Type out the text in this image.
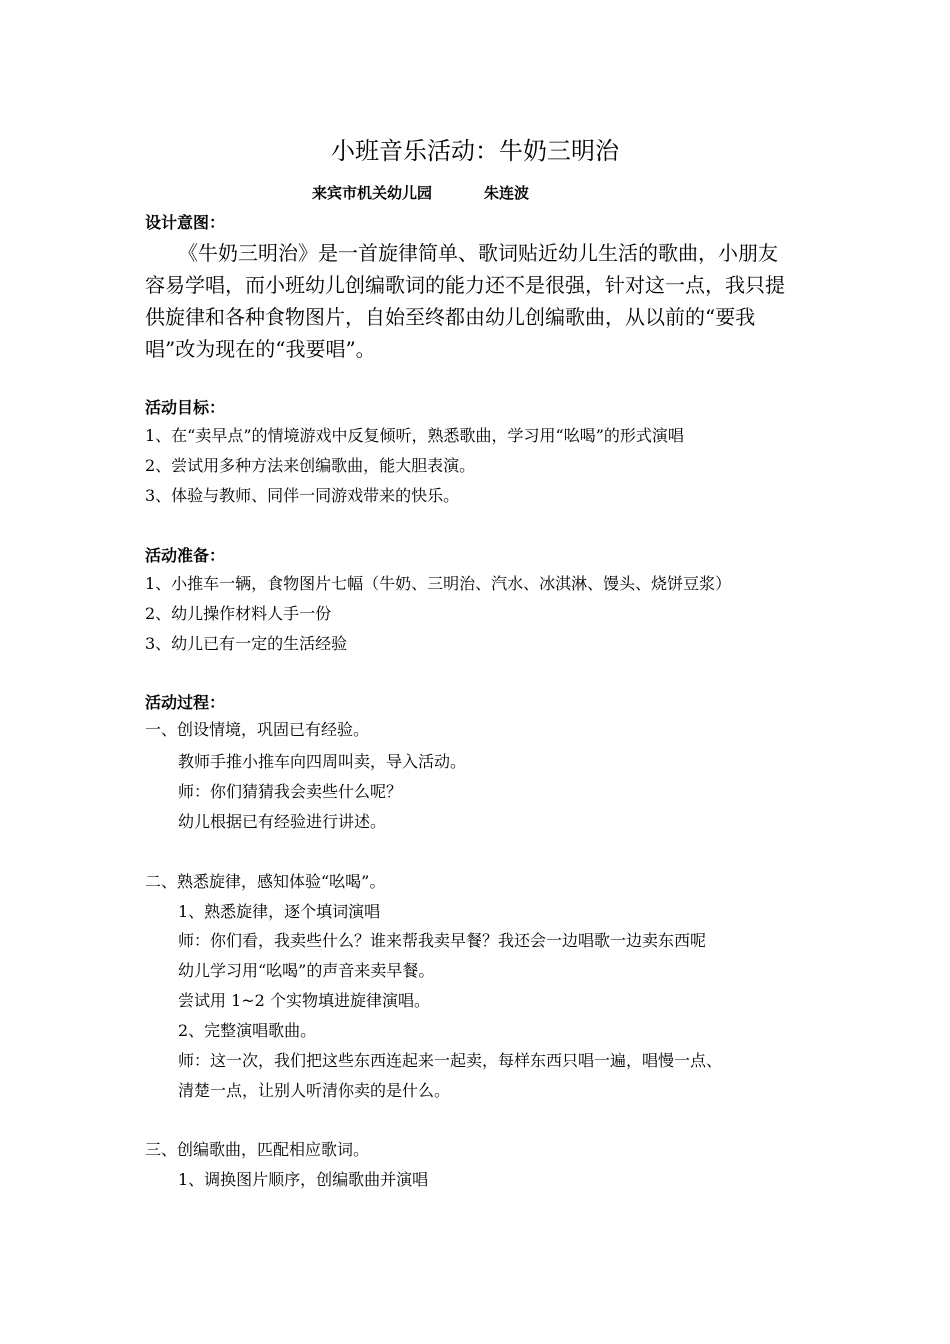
小班音乐活动：牛奶三明治
来宾市机关幼儿园	朱连波
设计意图：
《牛奶三明治》是一首旋律简单、歌词贴近幼儿生活的歌曲，小朋友
容易学唱，而小班幼儿创编歌词的能力还不是很强，针对这一点，我只提
供旋律和各种食物图片，自始至终都由幼儿创编歌曲，从以前的“要我
唱”改为现在的“我要唱”。
活动目标：
1、在“卖早点”的情境游戏中反复倾听，熟悉歌曲，学习用“吆喝”的形式演唱
2、尝试用多种方法来创编歌曲，能大胆表演。
3、体验与教师、同伴一同游戏带来的快乐。
活动准备：
1、小推车一辆，食物图片七幅（牛奶、三明治、汽水、冰淇淋、馒头、烧饼豆浆）
2、幼儿操作材料人手一份
3、幼儿已有一定的生活经验
活动过程：
一、创设情境，巩固已有经验。
教师手推小推车向四周叫卖，导入活动。
师：你们猜猜我会卖些什么呢？
幼儿根据已有经验进行讲述。
二、熟悉旋律，感知体验“吆喝”。
1、熟悉旋律，逐个填词演唱
师：你们看，我卖些什么？谁来帮我卖早餐？我还会一边唱歌一边卖东西呢
幼儿学习用“吆喝”的声音来卖早餐。
尝试用 1~2 个实物填进旋律演唱。
2、完整演唱歌曲。
师：这一次，我们把这些东西连起来一起卖，每样东西只唱一遍，唱慢一点、
清楚一点，让别人听清你卖的是什么。
三、创编歌曲，匹配相应歌词。
1、调换图片顺序，创编歌曲并演唱
